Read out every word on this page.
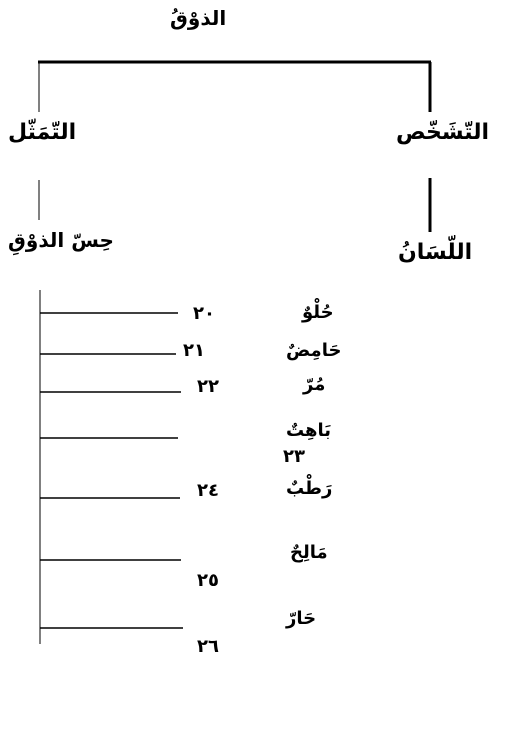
الذوْقُ
التّمَثّل	التّشَخّص
حِسّ الذوْقِ	اللّسَانُ
حُلْوٌ
٢٠
حَامِضٌ
٢١
مُرّ
٢٢
بَاهِتٌ
٢٣
رَطْبٌ
٢٤
مَالِحٌ
٢٥
حَارّ
٢٦
